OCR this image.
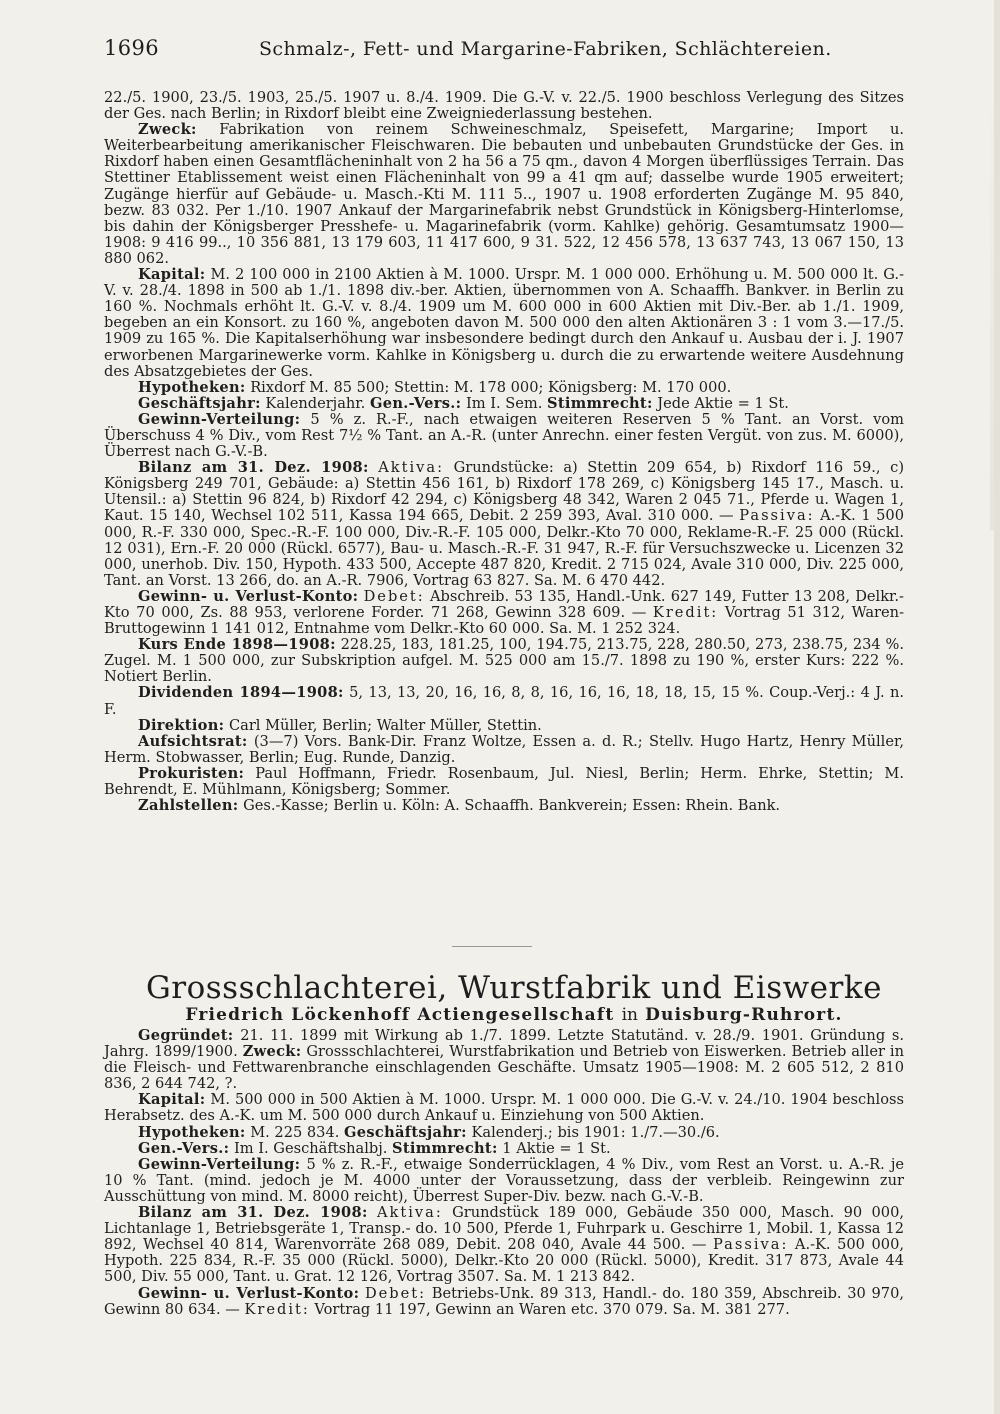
1696	Schmalz-, Fett- und Margarine-Fabriken, Schlächtereien.

22./5. 1900, 23./5. 1903, 25./5. 1907 u. 8./4. 1909. Die G.-V. v. 22./5. 1900 beschloss Verlegung des Sitzes der Ges. nach Berlin; in Rixdorf bleibt eine Zweigniederlassung bestehen.

Zweck: Fabrikation von reinem Schweineschmalz, Speisefett, Margarine; Import u. Weiterbearbeitung amerikanischer Fleischwaren. Die bebauten und unbebauten Grundstücke der Ges. in Rixdorf haben einen Gesamtflächeninhalt von 2 ha 56 a 75 qm., davon 4 Morgen überflüssiges Terrain. Das Stettiner Etablissement weist einen Flächeninhalt von 99 a 41 qm auf; dasselbe wurde 1905 erweitert; Zugänge hierfür auf Gebäude- u. Masch.-Kti M. 111 5.., 1907 u. 1908 erforderten Zugänge M. 95 840, bezw. 83 032. Per 1./10. 1907 Ankauf der Margarinefabrik nebst Grundstück in Königsberg-Hinterlomse, bis dahin der Königsberger Presshefe- u. Magarinefabrik (vorm. Kahlke) gehörig. Gesamtumsatz 1900—1908: 9 416 99.., 10 356 881, 13 179 603, 11 417 600, 9 31. 522, 12 456 578, 13 637 743, 13 067 150, 13 880 062.

Kapital: M. 2 100 000 in 2100 Aktien à M. 1000. Urspr. M. 1 000 000. Erhöhung u. M. 500 000 lt. G.-V. v. 28./4. 1898 in 500 ab 1./1. 1898 div.-ber. Aktien, übernommen von A. Schaaffh. Bankver. in Berlin zu 160 %. Nochmals erhöht lt. G.-V. v. 8./4. 1909 um M. 600 000 in 600 Aktien mit Div.-Ber. ab 1./1. 1909, begeben an ein Konsort. zu 160 %, angeboten davon M. 500 000 den alten Aktionären 3 : 1 vom 3.—17./5. 1909 zu 165 %. Die Kapitalserhöhung war insbesondere bedingt durch den Ankauf u. Ausbau der i. J. 1907 erworbenen Margarinewerke vorm. Kahlke in Königsberg u. durch die zu erwartende weitere Ausdehnung des Absatzgebietes der Ges.

Hypotheken: Rixdorf M. 85 500; Stettin: M. 178 000; Königsberg: M. 170 000.

Geschäftsjahr: Kalenderjahr. Gen.-Vers.: Im I. Sem. Stimmrecht: Jede Aktie = 1 St.

Gewinn-Verteilung: 5 % z. R.-F., nach etwaigen weiteren Reserven 5 % Tant. an Vorst. vom Überschuss 4 % Div., vom Rest 7½ % Tant. an A.-R. (unter Anrechn. einer festen Vergüt. von zus. M. 6000), Überrest nach G.-V.-B.

Bilanz am 31. Dez. 1908: Aktiva: Grundstücke: a) Stettin 209 654, b) Rixdorf 116 59., c) Königsberg 249 701, Gebäude: a) Stettin 456 161, b) Rixdorf 178 269, c) Königsberg 145 17., Masch. u. Utensil.: a) Stettin 96 824, b) Rixdorf 42 294, c) Königsberg 48 342, Waren 2 045 71., Pferde u. Wagen 1, Kaut. 15 140, Wechsel 102 511, Kassa 194 665, Debit. 2 259 393, Aval. 310 000. — Passiva: A.-K. 1 500 000, R.-F. 330 000, Spec.-R.-F. 100 000, Div.-R.-F. 105 000, Delkr.-Kto 70 000, Reklame-R.-F. 25 000 (Rückl. 12 031), Ern.-F. 20 000 (Rückl. 6577), Bau- u. Masch.-R.-F. 31 947, R.-F. für Versuchszwecke u. Licenzen 32 000, unerhob. Div. 150, Hypoth. 433 500, Accepte 487 820, Kredit. 2 715 024, Avale 310 000, Div. 225 000, Tant. an Vorst. 13 266, do. an A.-R. 7906, Vortrag 63 827. Sa. M. 6 470 442.

Gewinn- u. Verlust-Konto: Debet: Abschreib. 53 135, Handl.-Unk. 627 149, Futter 13 208, Delkr.-Kto 70 000, Zs. 88 953, verlorene Forder. 71 268, Gewinn 328 609. — Kredit: Vortrag 51 312, Waren-Bruttogewinn 1 141 012, Entnahme vom Delkr.-Kto 60 000. Sa. M. 1 252 324.

Kurs Ende 1898—1908: 228.25, 183, 181.25, 100, 194.75, 213.75, 228, 280.50, 273, 238.75, 234 %. Zugel. M. 1 500 000, zur Subskription aufgel. M. 525 000 am 15./7. 1898 zu 190 %, erster Kurs: 222 %. Notiert Berlin.

Dividenden 1894—1908: 5, 13, 13, 20, 16, 16, 8, 8, 16, 16, 16, 18, 18, 15, 15 %. Coup.-Verj.: 4 J. n. F.

Direktion: Carl Müller, Berlin; Walter Müller, Stettin.

Aufsichtsrat: (3—7) Vors. Bank-Dir. Franz Woltze, Essen a. d. R.; Stellv. Hugo Hartz, Henry Müller, Herm. Stobwasser, Berlin; Eug. Runde, Danzig.

Prokuristen: Paul Hoffmann, Friedr. Rosenbaum, Jul. Niesl, Berlin; Herm. Ehrke, Stettin; M. Behrendt, E. Mühlmann, Königsberg; Sommer.

Zahlstellen: Ges.-Kasse; Berlin u. Köln: A. Schaaffh. Bankverein; Essen: Rhein. Bank.

Grossschlachterei, Wurstfabrik und Eiswerke
Friedrich Löckenhoff Actiengesellschaft in Duisburg-Ruhrort.

Gegründet: 21. 11. 1899 mit Wirkung ab 1./7. 1899. Letzte Statutänd. v. 28./9. 1901. Gründung s. Jahrg. 1899/1900. Zweck: Grossschlachterei, Wurstfabrikation und Betrieb von Eiswerken. Betrieb aller in die Fleisch- und Fettwarenbranche einschlagenden Geschäfte. Umsatz 1905—1908: M. 2 605 512, 2 810 836, 2 644 742, ?.

Kapital: M. 500 000 in 500 Aktien à M. 1000. Urspr. M. 1 000 000. Die G.-V. v. 24./10. 1904 beschloss Herabsetz. des A.-K. um M. 500 000 durch Ankauf u. Einziehung von 500 Aktien.

Hypotheken: M. 225 834. Geschäftsjahr: Kalenderj.; bis 1901: 1./7.—30./6.

Gen.-Vers.: Im I. Geschäftshalbj. Stimmrecht: 1 Aktie = 1 St.

Gewinn-Verteilung: 5 % z. R.-F., etwaige Sonderrücklagen, 4 % Div., vom Rest an Vorst. u. A.-R. je 10 % Tant. (mind. jedoch je M. 4000 unter der Voraussetzung, dass der verbleib. Reingewinn zur Ausschüttung von mind. M. 8000 reicht), Überrest Super-Div. bezw. nach G.-V.-B.

Bilanz am 31. Dez. 1908: Aktiva: Grundstück 189 000, Gebäude 350 000, Masch. 90 000, Lichtanlage 1, Betriebsgeräte 1, Transp.- do. 10 500, Pferde 1, Fuhrpark u. Geschirre 1, Mobil. 1, Kassa 12 892, Wechsel 40 814, Warenvorräte 268 089, Debit. 208 040, Avale 44 500. — Passiva: A.-K. 500 000, Hypoth. 225 834, R.-F. 35 000 (Rückl. 5000), Delkr.-Kto 20 000 (Rückl. 5000), Kredit. 317 873, Avale 44 500, Div. 55 000, Tant. u. Grat. 12 126, Vortrag 3507. Sa. M. 1 213 842.

Gewinn- u. Verlust-Konto: Debet: Betriebs-Unk. 89 313, Handl.- do. 180 359, Abschreib. 30 970, Gewinn 80 634. — Kredit: Vortrag 11 197, Gewinn an Waren etc. 370 079. Sa. M. 381 277.
